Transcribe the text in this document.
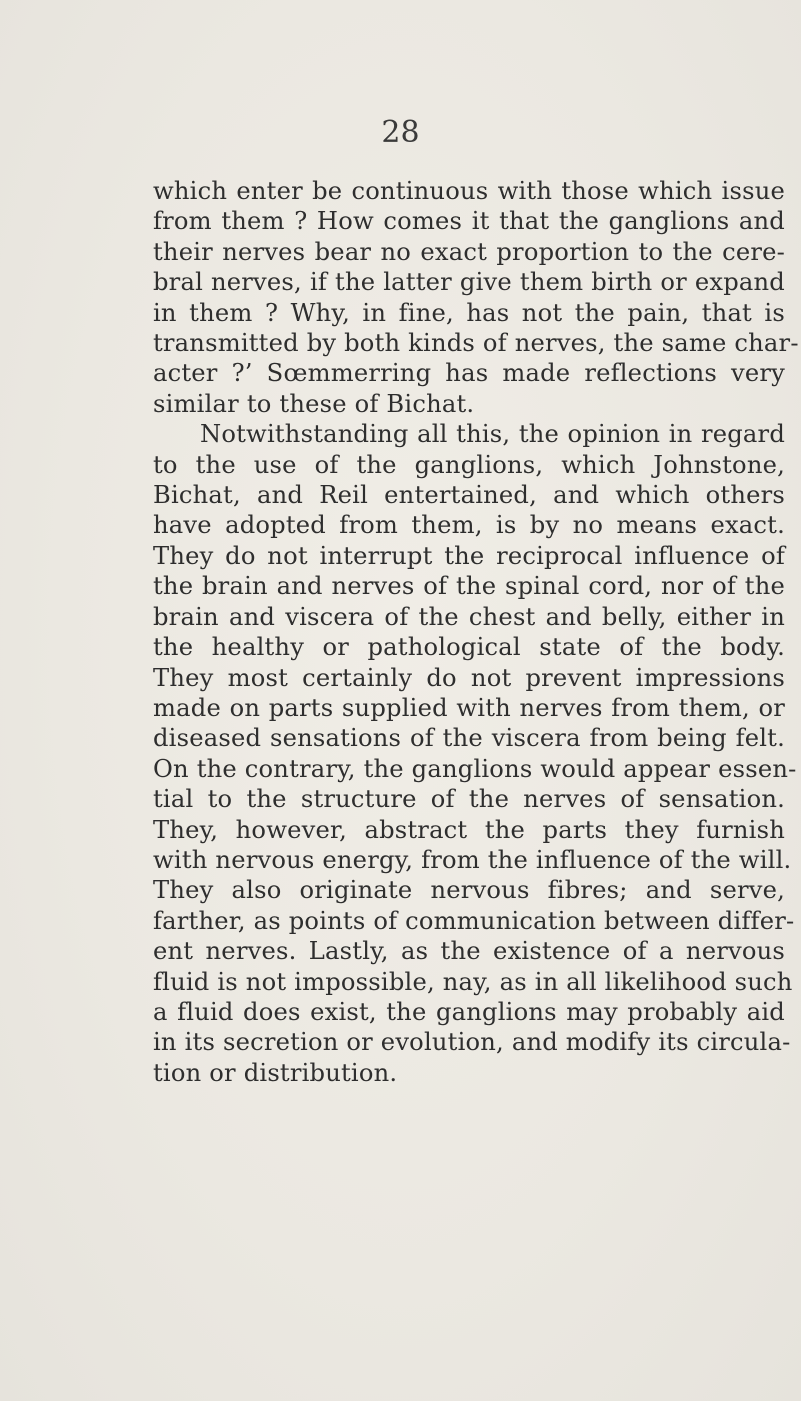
28
which enter be continuous with those which issue
from them ? How comes it that the ganglions and
their nerves bear no exact proportion to the cere-
bral nerves, if the latter give them birth or expand
in them ? Why, in fine, has not the pain, that is
transmitted by both kinds of nerves, the same char-
acter ?’ Sœmmerring has made reflections very
similar to these of Bichat.
Notwithstanding all this, the opinion in regard
to the use of the ganglions, which Johnstone,
Bichat, and Reil entertained, and which others
have adopted from them, is by no means exact.
They do not interrupt the reciprocal influence of
the brain and nerves of the spinal cord, nor of the
brain and viscera of the chest and belly, either in
the healthy or pathological state of the body.
They most certainly do not prevent impressions
made on parts supplied with nerves from them, or
diseased sensations of the viscera from being felt.
On the contrary, the ganglions would appear essen-
tial to the structure of the nerves of sensation.
They, however, abstract the parts they furnish
with nervous energy, from the influence of the will.
They also originate nervous fibres; and serve,
farther, as points of communication between differ-
ent nerves. Lastly, as the existence of a nervous
fluid is not impossible, nay, as in all likelihood such
a fluid does exist, the ganglions may probably aid
in its secretion or evolution, and modify its circula-
tion or distribution.
